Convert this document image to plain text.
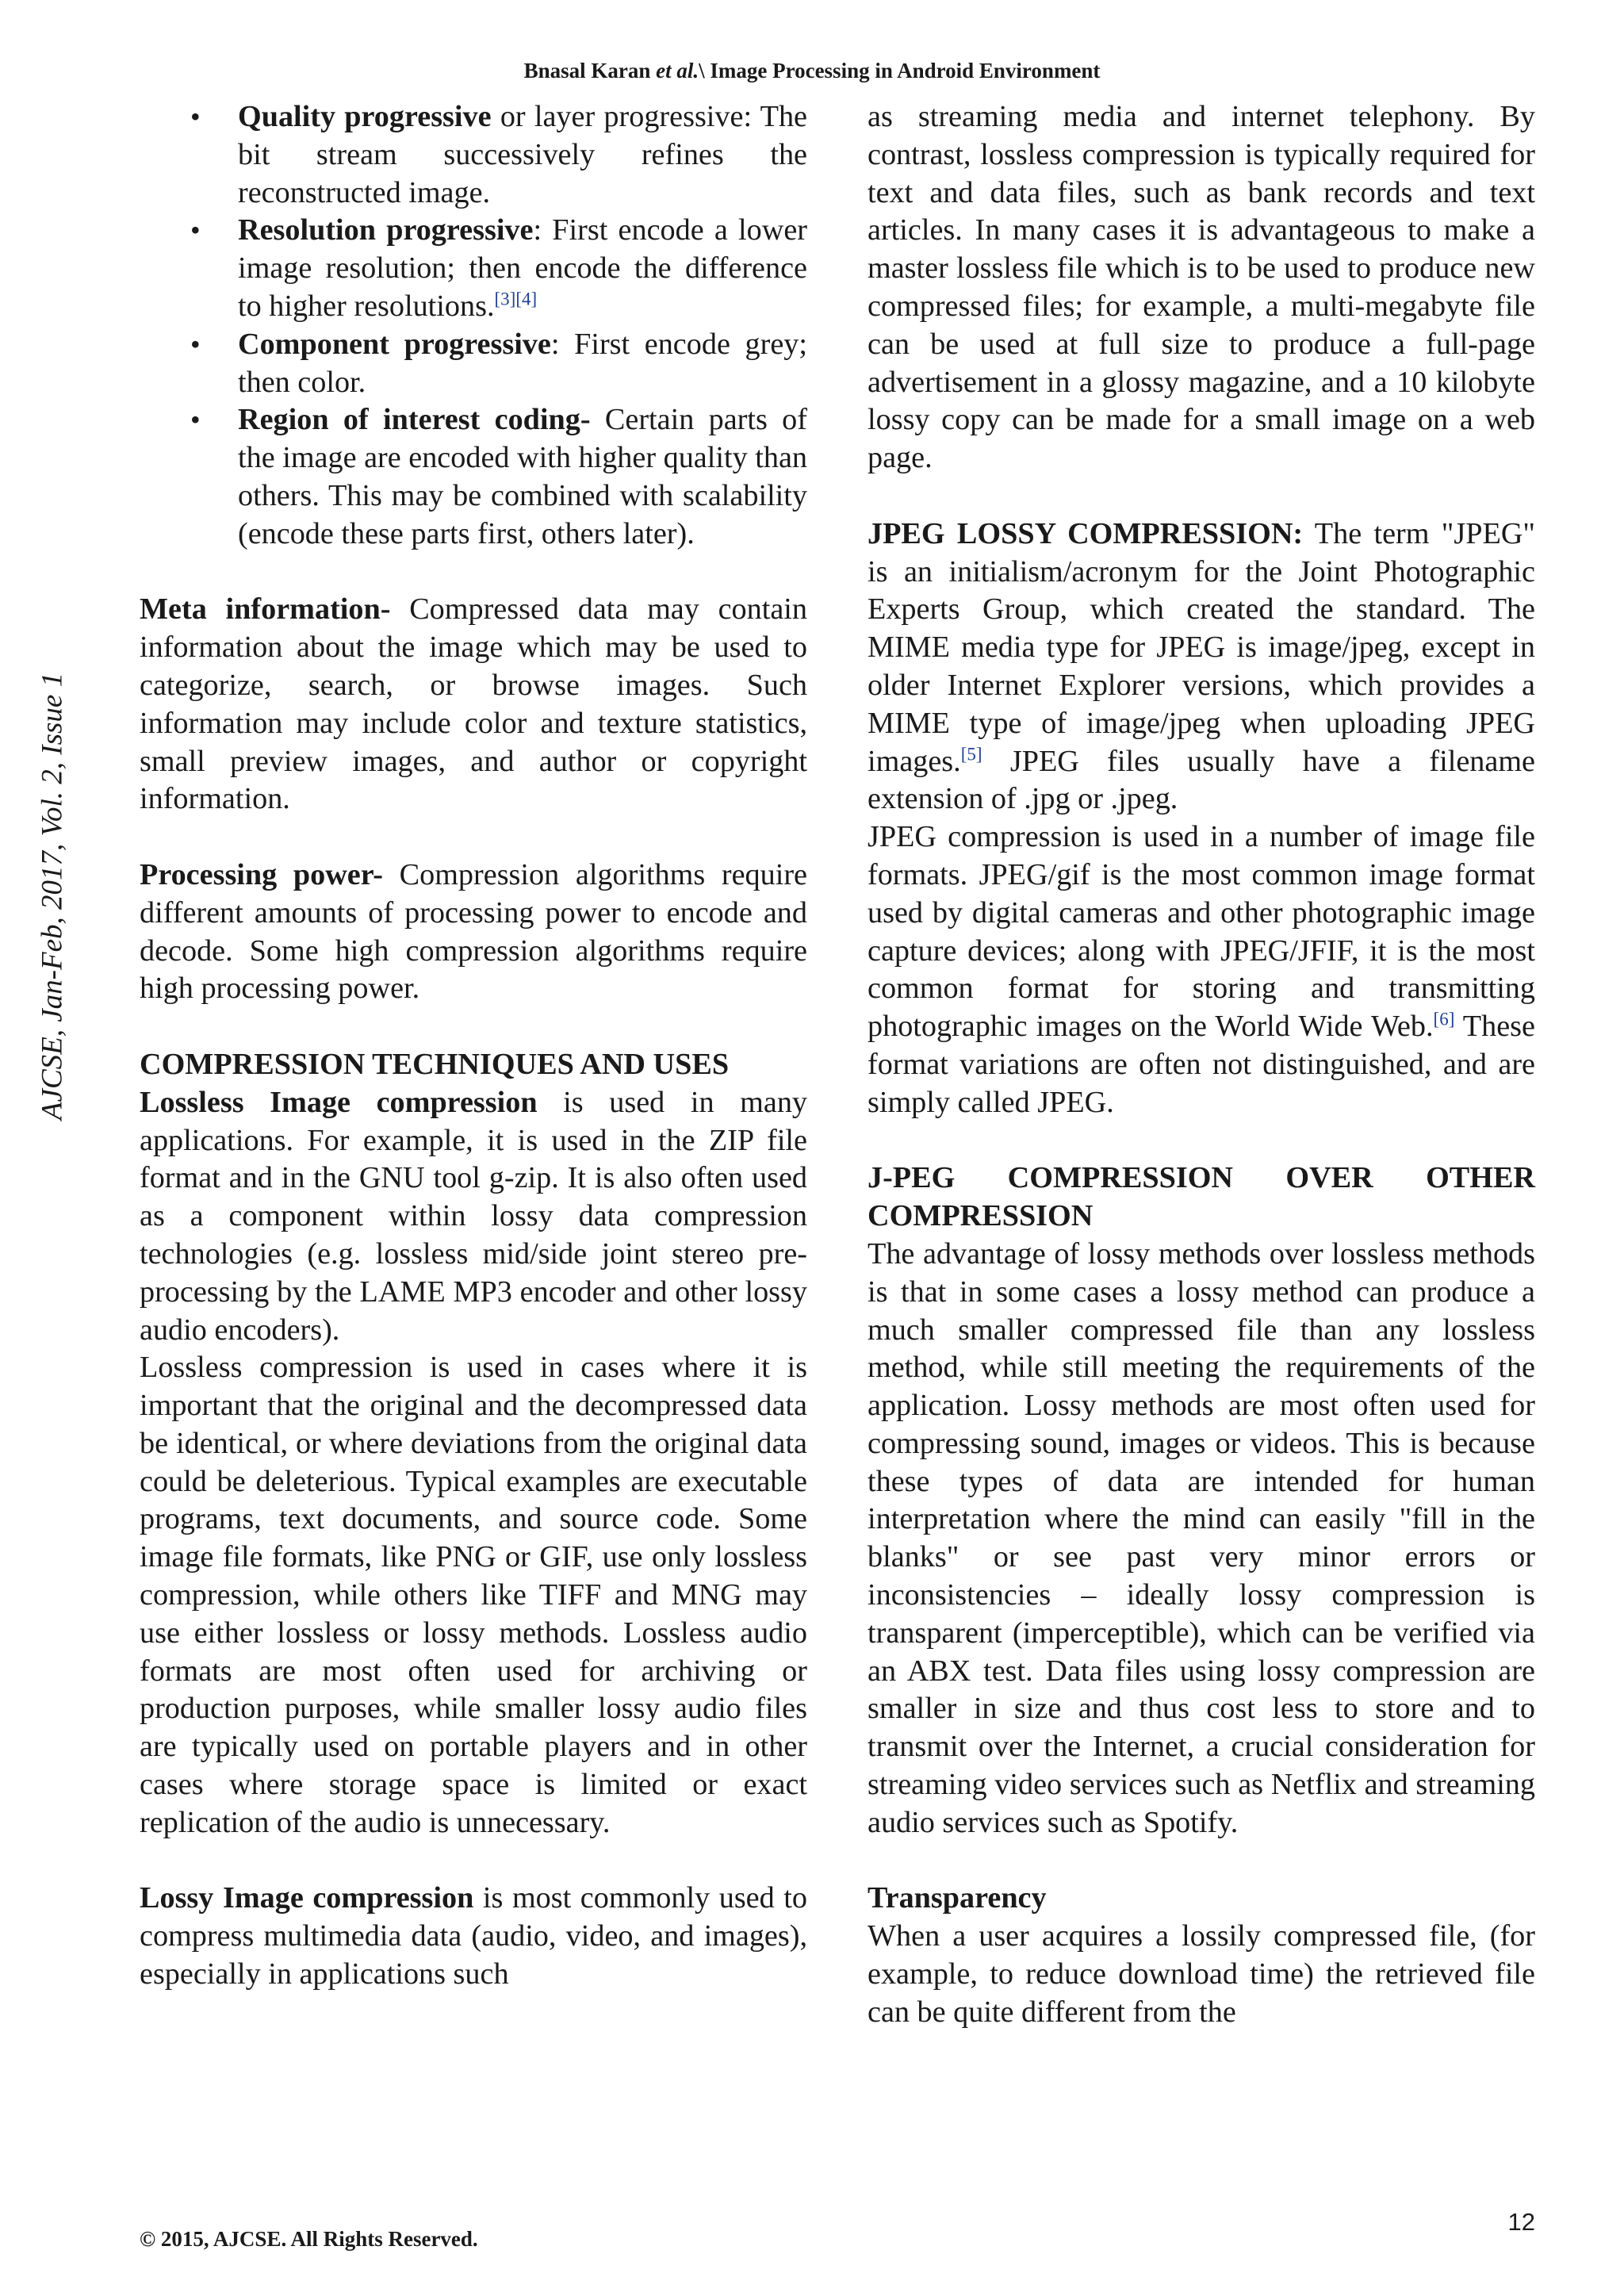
Bnasal Karan et al.\ Image Processing in Android Environment
AJCSE, Jan-Feb, 2017, Vol. 2, Issue 1
• Quality progressive or layer progressive: The bit stream successively refines the reconstructed image.
• Resolution progressive: First encode a lower image resolution; then encode the difference to higher resolutions.[3][4]
• Component progressive: First encode grey; then color.
• Region of interest coding- Certain parts of the image are encoded with higher quality than others. This may be combined with scalability (encode these parts first, others later).

Meta information- Compressed data may contain information about the image which may be used to categorize, search, or browse images. Such information may include color and texture statistics, small preview images, and author or copyright information.

Processing power- Compression algorithms require different amounts of processing power to encode and decode. Some high compression algorithms require high processing power.

COMPRESSION TECHNIQUES AND USES

Lossless Image compression is used in many applications. For example, it is used in the ZIP file format and in the GNU tool g-zip. It is also often used as a component within lossy data compression technologies (e.g. lossless mid/side joint stereo pre-processing by the LAME MP3 encoder and other lossy audio encoders).

Lossless compression is used in cases where it is important that the original and the decompressed data be identical, or where deviations from the original data could be deleterious. Typical examples are executable programs, text documents, and source code. Some image file formats, like PNG or GIF, use only lossless compression, while others like TIFF and MNG may use either lossless or lossy methods. Lossless audio formats are most often used for archiving or production purposes, while smaller lossy audio files are typically used on portable players and in other cases where storage space is limited or exact replication of the audio is unnecessary.

Lossy Image compression is most commonly used to compress multimedia data (audio, video, and images), especially in applications such

as streaming media and internet telephony. By contrast, lossless compression is typically required for text and data files, such as bank records and text articles. In many cases it is advantageous to make a master lossless file which is to be used to produce new compressed files; for example, a multi-megabyte file can be used at full size to produce a full-page advertisement in a glossy magazine, and a 10 kilobyte lossy copy can be made for a small image on a web page.

JPEG LOSSY COMPRESSION: The term "JPEG" is an initialism/acronym for the Joint Photographic Experts Group, which created the standard. The MIME media type for JPEG is image/jpeg, except in older Internet Explorer versions, which provides a MIME type of image/jpeg when uploading JPEG images.[5] JPEG files usually have a filename extension of .jpg or .jpeg.

JPEG compression is used in a number of image file formats. JPEG/gif is the most common image format used by digital cameras and other photographic image capture devices; along with JPEG/JFIF, it is the most common format for storing and transmitting photographic images on the World Wide Web.[6] These format variations are often not distinguished, and are simply called JPEG.

J-PEG COMPRESSION OVER OTHER COMPRESSION

The advantage of lossy methods over lossless methods is that in some cases a lossy method can produce a much smaller compressed file than any lossless method, while still meeting the requirements of the application. Lossy methods are most often used for compressing sound, images or videos. This is because these types of data are intended for human interpretation where the mind can easily "fill in the blanks" or see past very minor errors or inconsistencies – ideally lossy compression is transparent (imperceptible), which can be verified via an ABX test. Data files using lossy compression are smaller in size and thus cost less to store and to transmit over the Internet, a crucial consideration for streaming video services such as Netflix and streaming audio services such as Spotify.

Transparency

When a user acquires a lossily compressed file, (for example, to reduce download time) the retrieved file can be quite different from the

12
© 2015, AJCSE. All Rights Reserved.
